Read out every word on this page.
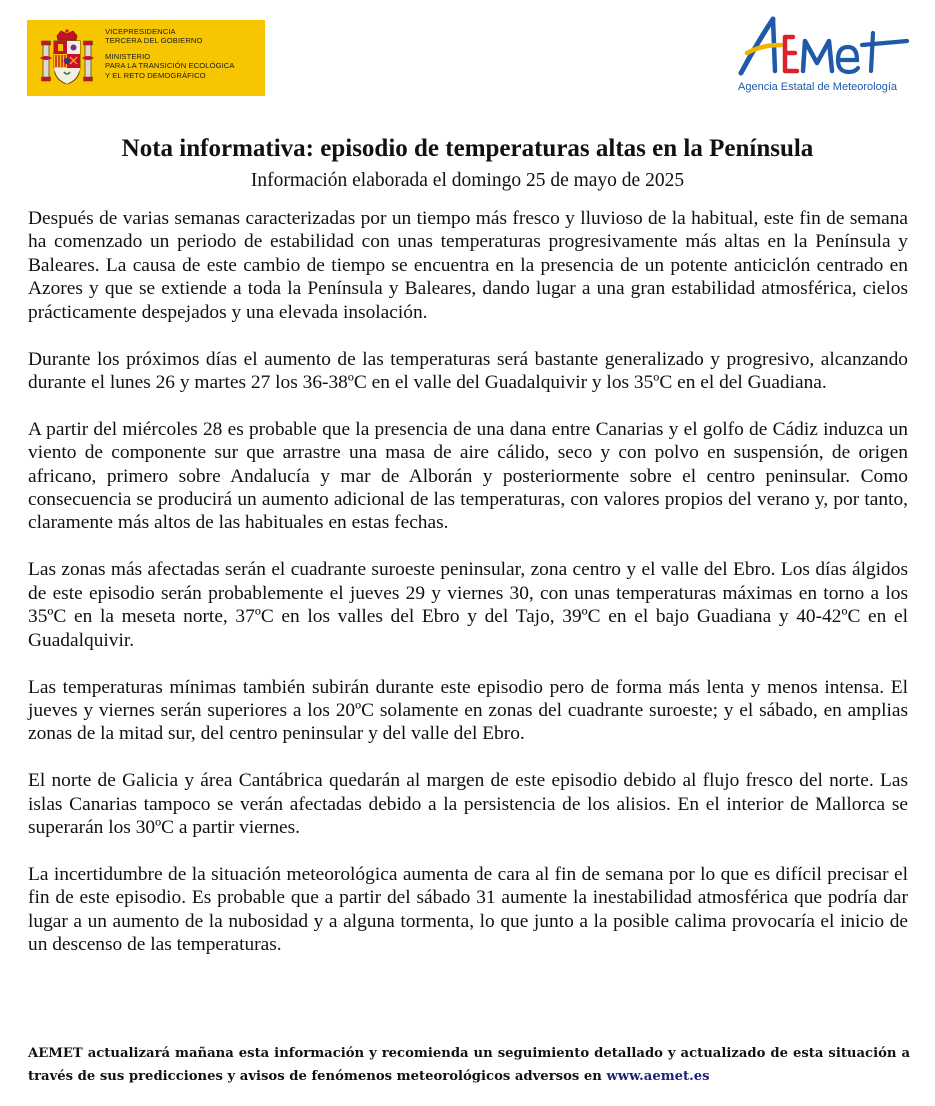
VICEPRESIDENCIA
TERCERA DEL GOBIERNO
MINISTERIO
PARA LA TRANSICIÓN ECOLÓGICA
Y EL RETO DEMOGRÁFICO
Agencia Estatal de Meteorología
Nota informativa: episodio de temperaturas altas en la Península
Información elaborada el domingo 25 de mayo de 2025

Después de varias semanas caracterizadas por un tiempo más fresco y lluvioso de la habitual, este fin de semana ha comenzado un periodo de estabilidad con unas temperaturas progresivamente más altas en la Península y Baleares. La causa de este cambio de tiempo se encuentra en la presencia de un potente anticiclón centrado en Azores y que se extiende a toda la Península y Baleares, dando lugar a una gran estabilidad atmosférica, cielos prácticamente despejados y una elevada insolación.

Durante los próximos días el aumento de las temperaturas será bastante generalizado y progresivo, alcanzando durante el lunes 26 y martes 27 los 36-38ºC en el valle del Guadalquivir y los 35ºC en el del Guadiana.

A partir del miércoles 28 es probable que la presencia de una dana entre Canarias y el golfo de Cádiz induzca un viento de componente sur que arrastre una masa de aire cálido, seco y con polvo en suspensión, de origen africano, primero sobre Andalucía y mar de Alborán y posteriormente sobre el centro peninsular. Como consecuencia se producirá un aumento adicional de las temperaturas, con valores propios del verano y, por tanto, claramente más altos de las habituales en estas fechas.

Las zonas más afectadas serán el cuadrante suroeste peninsular, zona centro y el valle del Ebro. Los días álgidos de este episodio serán probablemente el jueves 29 y viernes 30, con unas temperaturas máximas en torno a los 35ºC en la meseta norte, 37ºC en los valles del Ebro y del Tajo, 39ºC en el bajo Guadiana y 40-42ºC en el Guadalquivir.

Las temperaturas mínimas también subirán durante este episodio pero de forma más lenta y menos intensa. El jueves y viernes serán superiores a los 20ºC solamente en zonas del cuadrante suroeste; y el sábado, en amplias zonas de la mitad sur, del centro peninsular y del valle del Ebro.

El norte de Galicia y área Cantábrica quedarán al margen de este episodio debido al flujo fresco del norte. Las islas Canarias tampoco se verán afectadas debido a la persistencia de los alisios. En el interior de Mallorca se superarán los 30ºC a partir viernes.

La incertidumbre de la situación meteorológica aumenta de cara al fin de semana por lo que es difícil precisar el fin de este episodio. Es probable que a partir del sábado 31 aumente la inestabilidad atmosférica que podría dar lugar a un aumento de la nubosidad y a alguna tormenta, lo que junto a la posible calima provocaría el inicio de un descenso de las temperaturas.

AEMET actualizará mañana esta información y recomienda un seguimiento detallado y actualizado de esta situación a través de sus predicciones y avisos de fenómenos meteorológicos adversos en www.aemet.es
